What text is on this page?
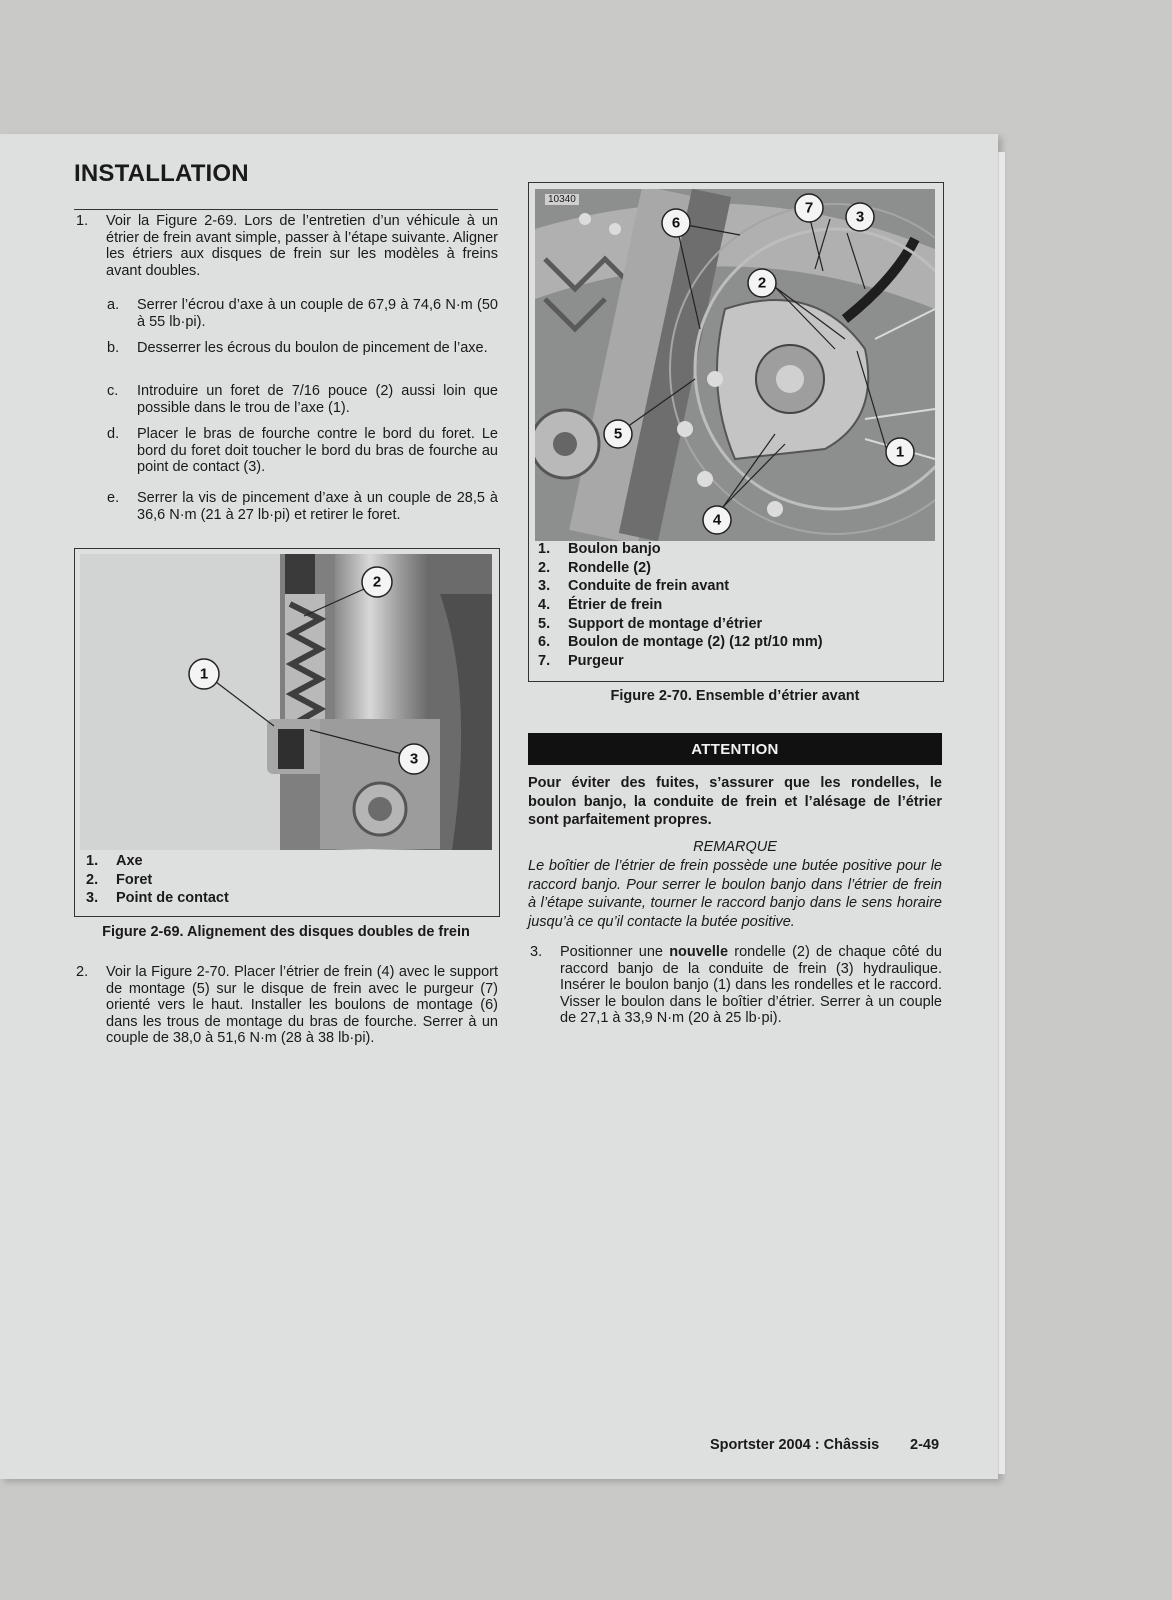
INSTALLATION
1. Voir la Figure 2-69. Lors de l’entretien d’un véhicule à un étrier de frein avant simple, passer à l’étape suivante. Aligner les étriers aux disques de frein sur les modèles à freins avant doubles.
a. Serrer l’écrou d’axe à un couple de 67,9 à 74,6 N·m (50 à 55 lb·pi).
b. Desserrer les écrous du boulon de pincement de l’axe.
c. Introduire un foret de 7/16 pouce (2) aussi loin que possible dans le trou de l’axe (1).
d. Placer le bras de fourche contre le bord du foret. Le bord du foret doit toucher le bord du bras de fourche au point de contact (3).
e. Serrer la vis de pincement d’axe à un couple de 28,5 à 36,6 N·m (21 à 27 lb·pi) et retirer le foret.
1
2
3
1. Axe
2. Foret
3. Point de contact
Figure 2-69. Alignement des disques doubles de frein
2. Voir la Figure 2-70. Placer l’étrier de frein (4) avec le support de montage (5) sur le disque de frein avec le purgeur (7) orienté vers le haut. Installer les boulons de montage (6) dans les trous de montage du bras de fourche. Serrer à un couple de 38,0 à 51,6 N·m (28 à 38 lb·pi).
10340
1
2
3
4
5
6
7
1. Boulon banjo
2. Rondelle (2)
3. Conduite de frein avant
4. Étrier de frein
5. Support de montage d’étrier
6. Boulon de montage (2) (12 pt/10 mm)
7. Purgeur
Figure 2-70. Ensemble d’étrier avant
ATTENTION
Pour éviter des fuites, s’assurer que les rondelles, le boulon banjo, la conduite de frein et l’alésage de l’étrier sont parfaitement propres.
REMARQUE
Le boîtier de l’étrier de frein possède une butée positive pour le raccord banjo. Pour serrer le boulon banjo dans l’étrier de frein à l’étape suivante, tourner le raccord banjo dans le sens horaire jusqu’à ce qu’il contacte la butée positive.
3. Positionner une nouvelle rondelle (2) de chaque côté du raccord banjo de la conduite de frein (3) hydraulique. Insérer le boulon banjo (1) dans les rondelles et le raccord. Visser le boulon dans le boîtier d’étrier. Serrer à un couple de 27,1 à 33,9 N·m (20 à 25 lb·pi).
Sportster 2004 : Châssis 2-49
